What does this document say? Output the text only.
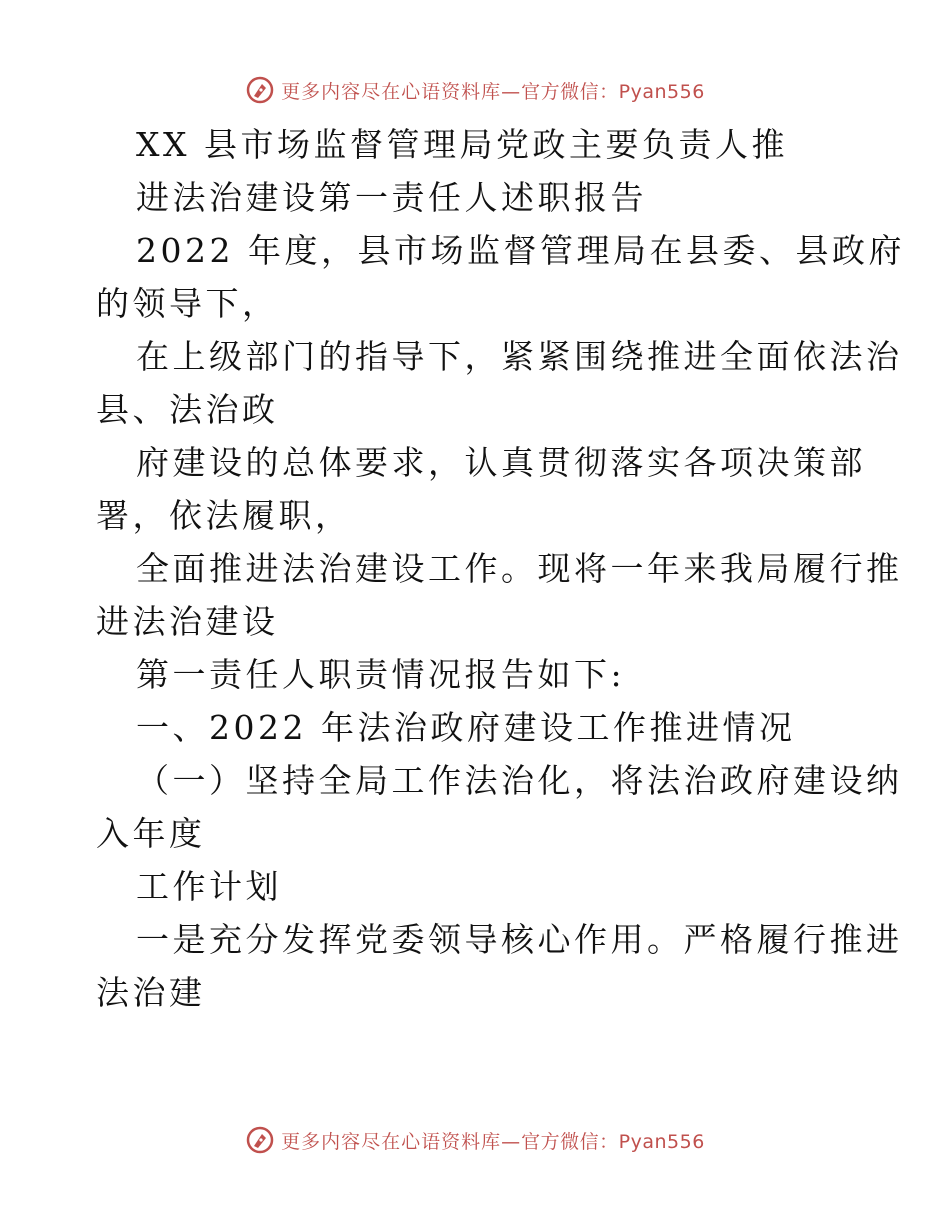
更多内容尽在心语资料库—官方微信：Pyan556
XX 县市场监督管理局党政主要负责人推
进法治建设第一责任人述职报告
2022 年度，县市场监督管理局在县委、县政府
的领导下，
在上级部门的指导下，紧紧围绕推进全面依法治
县、法治政
府建设的总体要求，认真贯彻落实各项决策部
署，依法履职，
全面推进法治建设工作。现将一年来我局履行推
进法治建设
第一责任人职责情况报告如下:
一、2022 年法治政府建设工作推进情况
（一）坚持全局工作法治化，将法治政府建设纳
入年度
工作计划
一是充分发挥党委领导核心作用。严格履行推进
法治建
更多内容尽在心语资料库—官方微信：Pyan556
